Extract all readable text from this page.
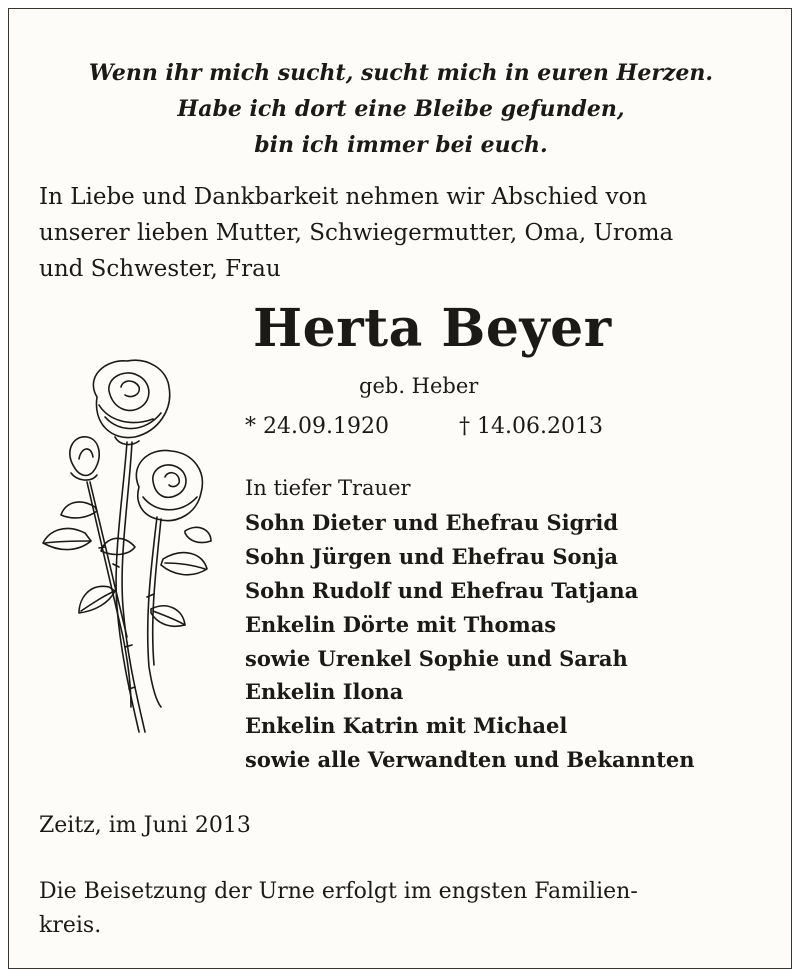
Wenn ihr mich sucht, sucht mich in euren Herzen.
Habe ich dort eine Bleibe gefunden,
bin ich immer bei euch.
In Liebe und Dankbarkeit nehmen wir Abschied von
unserer lieben Mutter, Schwiegermutter, Oma, Uroma
und Schwester, Frau
Herta Beyer
geb. Heber
* 24.09.1920	† 14.06.2013
In tiefer Trauer
Sohn Dieter und Ehefrau Sigrid
Sohn Jürgen und Ehefrau Sonja
Sohn Rudolf und Ehefrau Tatjana
Enkelin Dörte mit Thomas
sowie Urenkel Sophie und Sarah
Enkelin Ilona
Enkelin Katrin mit Michael
sowie alle Verwandten und Bekannten
Zeitz, im Juni 2013
Die Beisetzung der Urne erfolgt im engsten Familien-
kreis.
